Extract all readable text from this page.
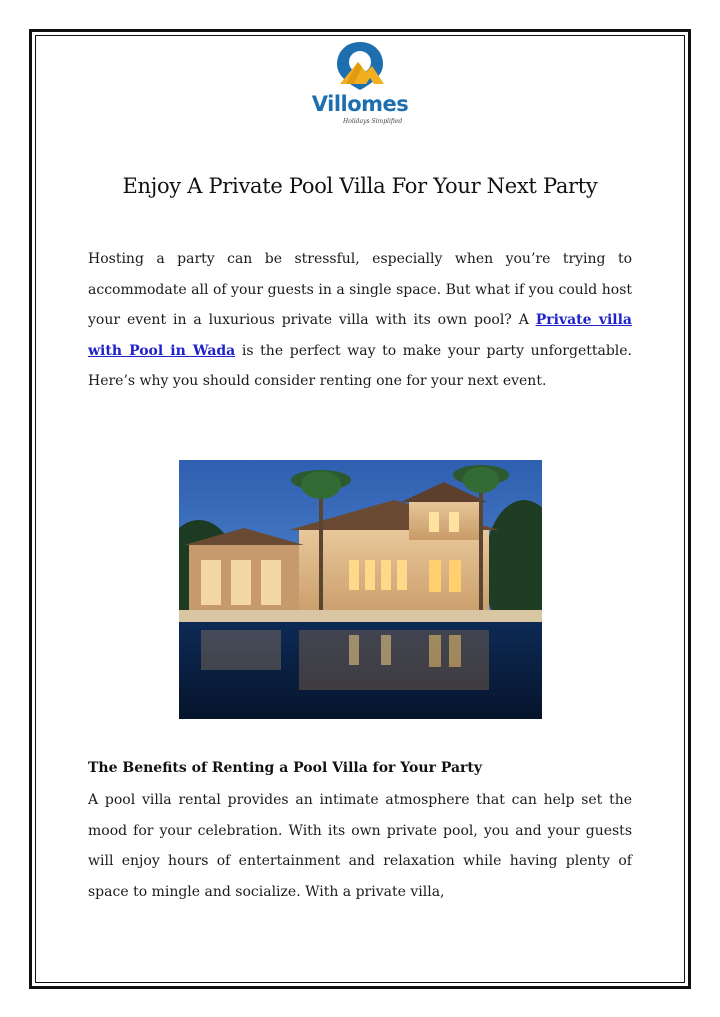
Villomes
Holidays Simplified
Enjoy A Private Pool Villa For Your Next Party
Hosting a party can be stressful, especially when you’re trying to accommodate all of your guests in a single space. But what if you could host your event in a luxurious private villa with its own pool? A Private villa with Pool in Wada is the perfect way to make your party unforgettable. Here’s why you should consider renting one for your next event.
The Benefits of Renting a Pool Villa for Your Party
A pool villa rental provides an intimate atmosphere that can help set the mood for your celebration. With its own private pool, you and your guests will enjoy hours of entertainment and relaxation while having plenty of space to mingle and socialize. With a private villa,
